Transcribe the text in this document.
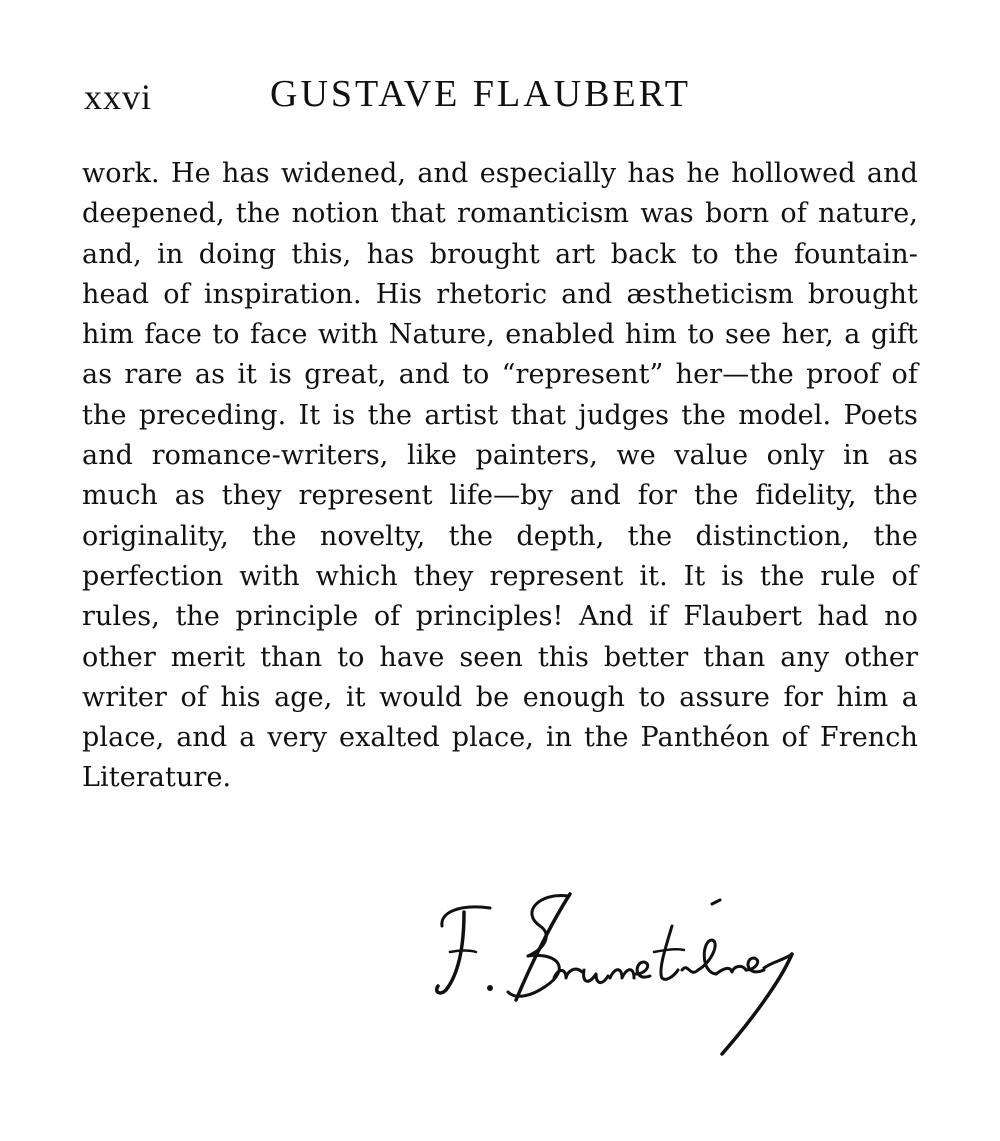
xxvi	GUSTAVE FLAUBERT
work. He has widened, and especially has he hollowed and deepened, the notion that romanticism was born of nature, and, in doing this, has brought art back to the fountain-head of inspiration. His rhetoric and æstheticism brought him face to face with Nature, enabled him to see her, a gift as rare as it is great, and to “represent” her—the proof of the preceding. It is the artist that judges the model. Poets and romance-writers, like painters, we value only in as much as they represent life—by and for the fidelity, the originality, the novelty, the depth, the distinction, the perfection with which they represent it. It is the rule of rules, the principle of principles! And if Flaubert had no other merit than to have seen this better than any other writer of his age, it would be enough to assure for him a place, and a very exalted place, in the Panthéon of French Literature.
